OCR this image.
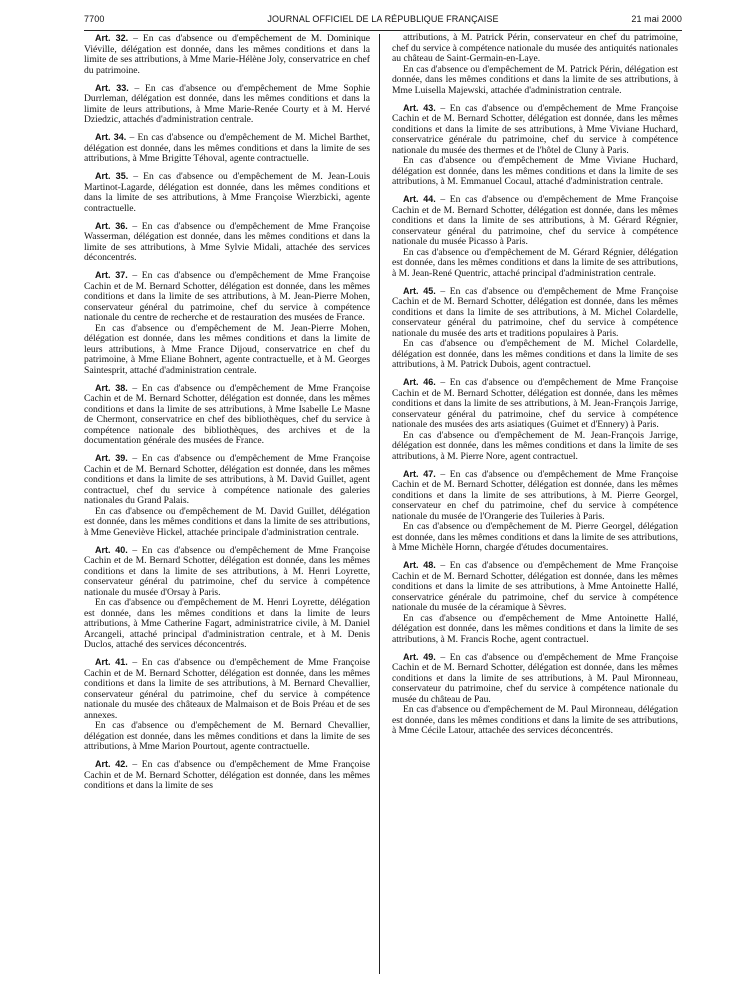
7700	JOURNAL OFFICIEL DE LA RÉPUBLIQUE FRANÇAISE	21 mai 2000

Art. 32. – En cas d'absence ou d'empêchement de M. Dominique Viéville, délégation est donnée, dans les mêmes conditions et dans la limite de ses attributions, à Mme Marie-Hélène Joly, conservatrice en chef du patrimoine.

Art. 33. – En cas d'absence ou d'empêchement de Mme Sophie Durrleman, délégation est donnée, dans les mêmes conditions et dans la limite de leurs attributions, à Mme Marie-Renée Courty et à M. Hervé Dziedzic, attachés d'administration centrale.

Art. 34. – En cas d'absence ou d'empêchement de M. Michel Barthet, délégation est donnée, dans les mêmes conditions et dans la limite de ses attributions, à Mme Brigitte Téhoval, agente contractuelle.

Art. 35. – En cas d'absence ou d'empêchement de M. Jean-Louis Martinot-Lagarde, délégation est donnée, dans les mêmes conditions et dans la limite de ses attributions, à Mme Françoise Wierzbicki, agente contractuelle.

Art. 36. – En cas d'absence ou d'empêchement de Mme Françoise Wasserman, délégation est donnée, dans les mêmes conditions et dans la limite de ses attributions, à Mme Sylvie Midali, attachée des services déconcentrés.

Art. 37. – En cas d'absence ou d'empêchement de Mme Françoise Cachin et de M. Bernard Schotter, délégation est donnée, dans les mêmes conditions et dans la limite de ses attributions, à M. Jean-Pierre Mohen, conservateur général du patrimoine, chef du service à compétence nationale du centre de recherche et de restauration des musées de France.

En cas d'absence ou d'empêchement de M. Jean-Pierre Mohen, délégation est donnée, dans les mêmes conditions et dans la limite de leurs attributions, à Mme France Dijoud, conservatrice en chef du patrimoine, à Mme Eliane Bohnert, agente contractuelle, et à M. Georges Saintesprit, attaché d'administration centrale.

Art. 38. – En cas d'absence ou d'empêchement de Mme Françoise Cachin et de M. Bernard Schotter, délégation est donnée, dans les mêmes conditions et dans la limite de ses attributions, à Mme Isabelle Le Masne de Chermont, conservatrice en chef des bibliothèques, chef du service à compétence nationale des bibliothèques, des archives et de la documentation générale des musées de France.

Art. 39. – En cas d'absence ou d'empêchement de Mme Françoise Cachin et de M. Bernard Schotter, délégation est donnée, dans les mêmes conditions et dans la limite de ses attributions, à M. David Guillet, agent contractuel, chef du service à compétence nationale des galeries nationales du Grand Palais.

En cas d'absence ou d'empêchement de M. David Guillet, délégation est donnée, dans les mêmes conditions et dans la limite de ses attributions, à Mme Geneviève Hickel, attachée principale d'administration centrale.

Art. 40. – En cas d'absence ou d'empêchement de Mme Françoise Cachin et de M. Bernard Schotter, délégation est donnée, dans les mêmes conditions et dans la limite de ses attributions, à M. Henri Loyrette, conservateur général du patrimoine, chef du service à compétence nationale du musée d'Orsay à Paris.

En cas d'absence ou d'empêchement de M. Henri Loyrette, délégation est donnée, dans les mêmes conditions et dans la limite de leurs attributions, à Mme Catherine Fagart, administratrice civile, à M. Daniel Arcangeli, attaché principal d'administration centrale, et à M. Denis Duclos, attaché des services déconcentrés.

Art. 41. – En cas d'absence ou d'empêchement de Mme Françoise Cachin et de M. Bernard Schotter, délégation est donnée, dans les mêmes conditions et dans la limite de ses attributions, à M. Bernard Chevallier, conservateur général du patrimoine, chef du service à compétence nationale du musée des châteaux de Malmaison et de Bois Préau et de ses annexes.

En cas d'absence ou d'empêchement de M. Bernard Chevallier, délégation est donnée, dans les mêmes conditions et dans la limite de ses attributions, à Mme Marion Pourtout, agente contractuelle.

Art. 42. – En cas d'absence ou d'empêchement de Mme Françoise Cachin et de M. Bernard Schotter, délégation est donnée, dans les mêmes conditions et dans la limite de ses

attributions, à M. Patrick Périn, conservateur en chef du patrimoine, chef du service à compétence nationale du musée des antiquités nationales au château de Saint-Germain-en-Laye.

En cas d'absence ou d'empêchement de M. Patrick Périn, délégation est donnée, dans les mêmes conditions et dans la limite de ses attributions, à Mme Luisella Majewski, attachée d'administration centrale.

Art. 43. – En cas d'absence ou d'empêchement de Mme Françoise Cachin et de M. Bernard Schotter, délégation est donnée, dans les mêmes conditions et dans la limite de ses attributions, à Mme Viviane Huchard, conservatrice générale du patrimoine, chef du service à compétence nationale du musée des thermes et de l'hôtel de Cluny à Paris.

En cas d'absence ou d'empêchement de Mme Viviane Huchard, délégation est donnée, dans les mêmes conditions et dans la limite de ses attributions, à M. Emmanuel Cocaul, attaché d'administration centrale.

Art. 44. – En cas d'absence ou d'empêchement de Mme Françoise Cachin et de M. Bernard Schotter, délégation est donnée, dans les mêmes conditions et dans la limite de ses attributions, à M. Gérard Régnier, conservateur général du patrimoine, chef du service à compétence nationale du musée Picasso à Paris.

En cas d'absence ou d'empêchement de M. Gérard Régnier, délégation est donnée, dans les mêmes conditions et dans la limite de ses attributions, à M. Jean-René Quentric, attaché principal d'administration centrale.

Art. 45. – En cas d'absence ou d'empêchement de Mme Françoise Cachin et de M. Bernard Schotter, délégation est donnée, dans les mêmes conditions et dans la limite de ses attributions, à M. Michel Colardelle, conservateur général du patrimoine, chef du service à compétence nationale du musée des arts et traditions populaires à Paris.

En cas d'absence ou d'empêchement de M. Michel Colardelle, délégation est donnée, dans les mêmes conditions et dans la limite de ses attributions, à M. Patrick Dubois, agent contractuel.

Art. 46. – En cas d'absence ou d'empêchement de Mme Françoise Cachin et de M. Bernard Schotter, délégation est donnée, dans les mêmes conditions et dans la limite de ses attributions, à M. Jean-François Jarrige, conservateur général du patrimoine, chef du service à compétence nationale des musées des arts asiatiques (Guimet et d'Ennery) à Paris.

En cas d'absence ou d'empêchement de M. Jean-François Jarrige, délégation est donnée, dans les mêmes conditions et dans la limite de ses attributions, à M. Pierre Nore, agent contractuel.

Art. 47. – En cas d'absence ou d'empêchement de Mme Françoise Cachin et de M. Bernard Schotter, délégation est donnée, dans les mêmes conditions et dans la limite de ses attributions, à M. Pierre Georgel, conservateur en chef du patrimoine, chef du service à compétence nationale du musée de l'Orangerie des Tuileries à Paris.

En cas d'absence ou d'empêchement de M. Pierre Georgel, délégation est donnée, dans les mêmes conditions et dans la limite de ses attributions, à Mme Michèle Hornn, chargée d'études documentaires.

Art. 48. – En cas d'absence ou d'empêchement de Mme Françoise Cachin et de M. Bernard Schotter, délégation est donnée, dans les mêmes conditions et dans la limite de ses attributions, à Mme Antoinette Hallé, conservatrice générale du patrimoine, chef du service à compétence nationale du musée de la céramique à Sèvres.

En cas d'absence ou d'empêchement de Mme Antoinette Hallé, délégation est donnée, dans les mêmes conditions et dans la limite de ses attributions, à M. Francis Roche, agent contractuel.

Art. 49. – En cas d'absence ou d'empêchement de Mme Françoise Cachin et de M. Bernard Schotter, délégation est donnée, dans les mêmes conditions et dans la limite de ses attributions, à M. Paul Mironneau, conservateur du patrimoine, chef du service à compétence nationale du musée du château de Pau.

En cas d'absence ou d'empêchement de M. Paul Mironneau, délégation est donnée, dans les mêmes conditions et dans la limite de ses attributions, à Mme Cécile Latour, attachée des services déconcentrés.
